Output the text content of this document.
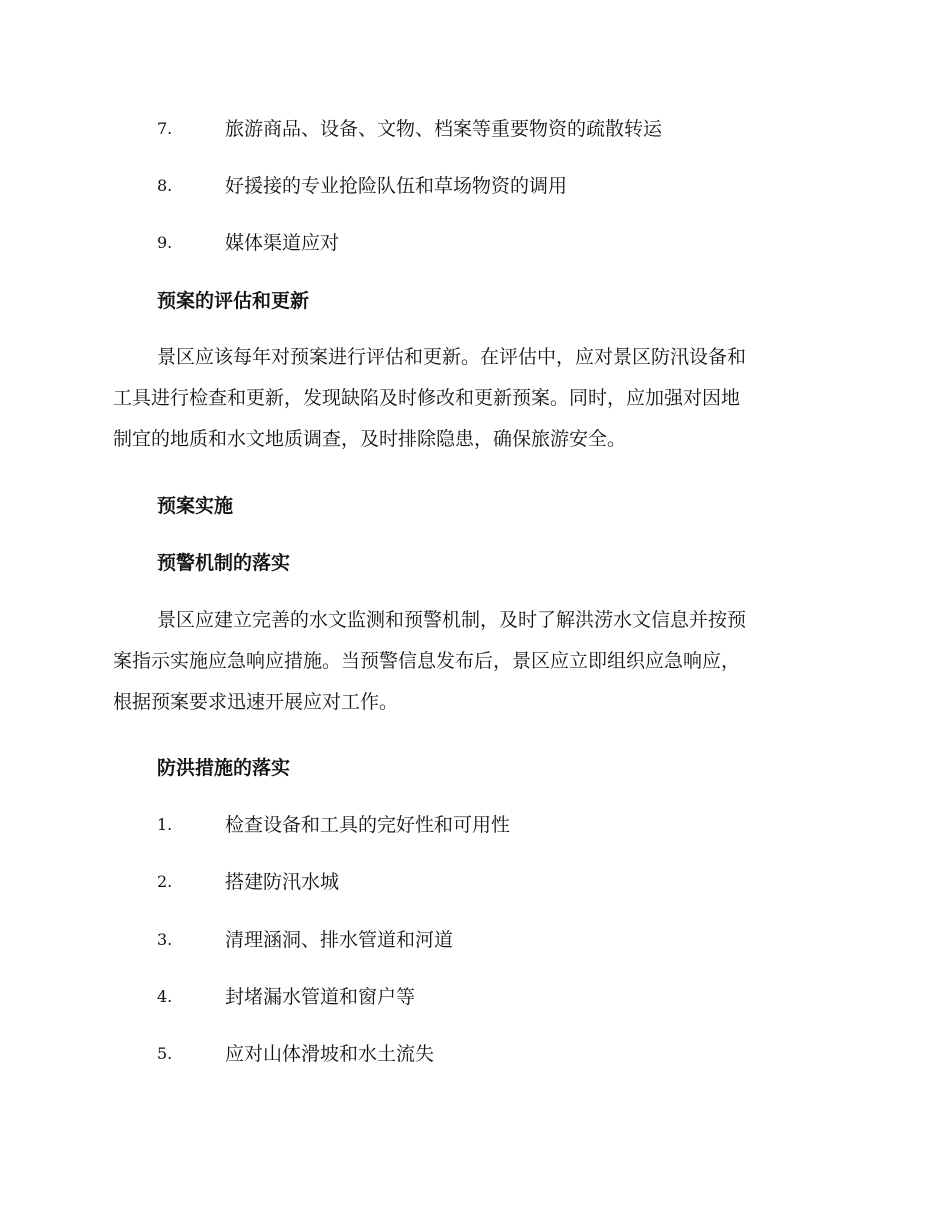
7.	旅游商品、设备、文物、档案等重要物资的疏散转运
8.	好援接的专业抢险队伍和草场物资的调用
9.	媒体渠道应对
预案的评估和更新
景区应该每年对预案进行评估和更新。在评估中，应对景区防汛设备和
工具进行检查和更新，发现缺陷及时修改和更新预案。同时，应加强对因地
制宜的地质和水文地质调查，及时排除隐患，确保旅游安全。
预案实施
预警机制的落实
景区应建立完善的水文监测和预警机制，及时了解洪涝水文信息并按预
案指示实施应急响应措施。当预警信息发布后，景区应立即组织应急响应，
根据预案要求迅速开展应对工作。
防洪措施的落实
1.	检查设备和工具的完好性和可用性
2.	搭建防汛水城
3.	清理涵洞、排水管道和河道
4.	封堵漏水管道和窗户等
5.	应对山体滑坡和水土流失
